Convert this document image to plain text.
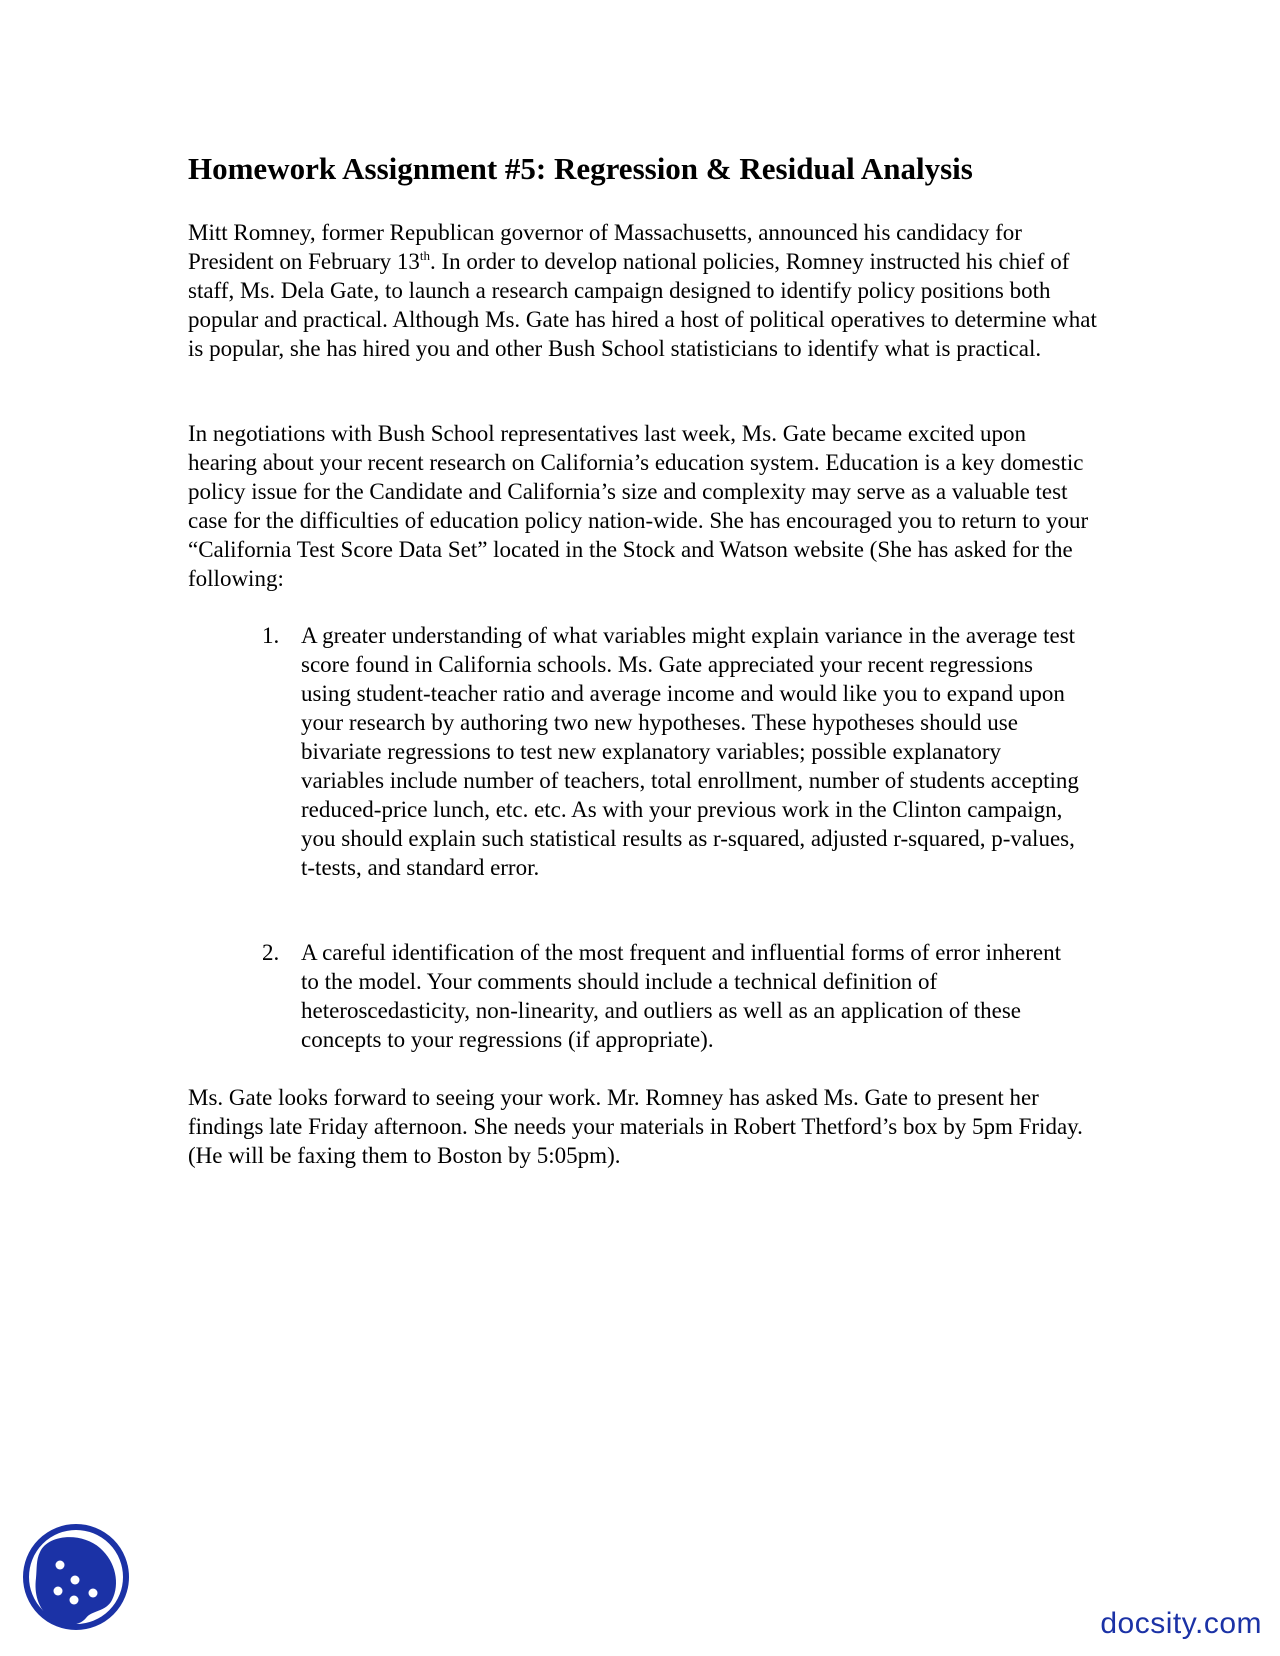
Homework Assignment #5: Regression & Residual Analysis

Mitt Romney, former Republican governor of Massachusetts, announced his candidacy for President on February 13th. In order to develop national policies, Romney instructed his chief of staff, Ms. Dela Gate, to launch a research campaign designed to identify policy positions both popular and practical. Although Ms. Gate has hired a host of political operatives to determine what is popular, she has hired you and other Bush School statisticians to identify what is practical.

In negotiations with Bush School representatives last week, Ms. Gate became excited upon hearing about your recent research on California’s education system. Education is a key domestic policy issue for the Candidate and California’s size and complexity may serve as a valuable test case for the difficulties of education policy nation-wide. She has encouraged you to return to your “California Test Score Data Set” located in the Stock and Watson website (She has asked for the following:

1. A greater understanding of what variables might explain variance in the average test score found in California schools. Ms. Gate appreciated your recent regressions using student-teacher ratio and average income and would like you to expand upon your research by authoring two new hypotheses. These hypotheses should use bivariate regressions to test new explanatory variables; possible explanatory variables include number of teachers, total enrollment, number of students accepting reduced-price lunch, etc. etc. As with your previous work in the Clinton campaign, you should explain such statistical results as r-squared, adjusted r-squared, p-values, t-tests, and standard error.
2. A careful identification of the most frequent and influential forms of error inherent to the model. Your comments should include a technical definition of heteroscedasticity, non-linearity, and outliers as well as an application of these concepts to your regressions (if appropriate).

Ms. Gate looks forward to seeing your work. Mr. Romney has asked Ms. Gate to present her findings late Friday afternoon. She needs your materials in Robert Thetford’s box by 5pm Friday. (He will be faxing them to Boston by 5:05pm).

docsity.com
